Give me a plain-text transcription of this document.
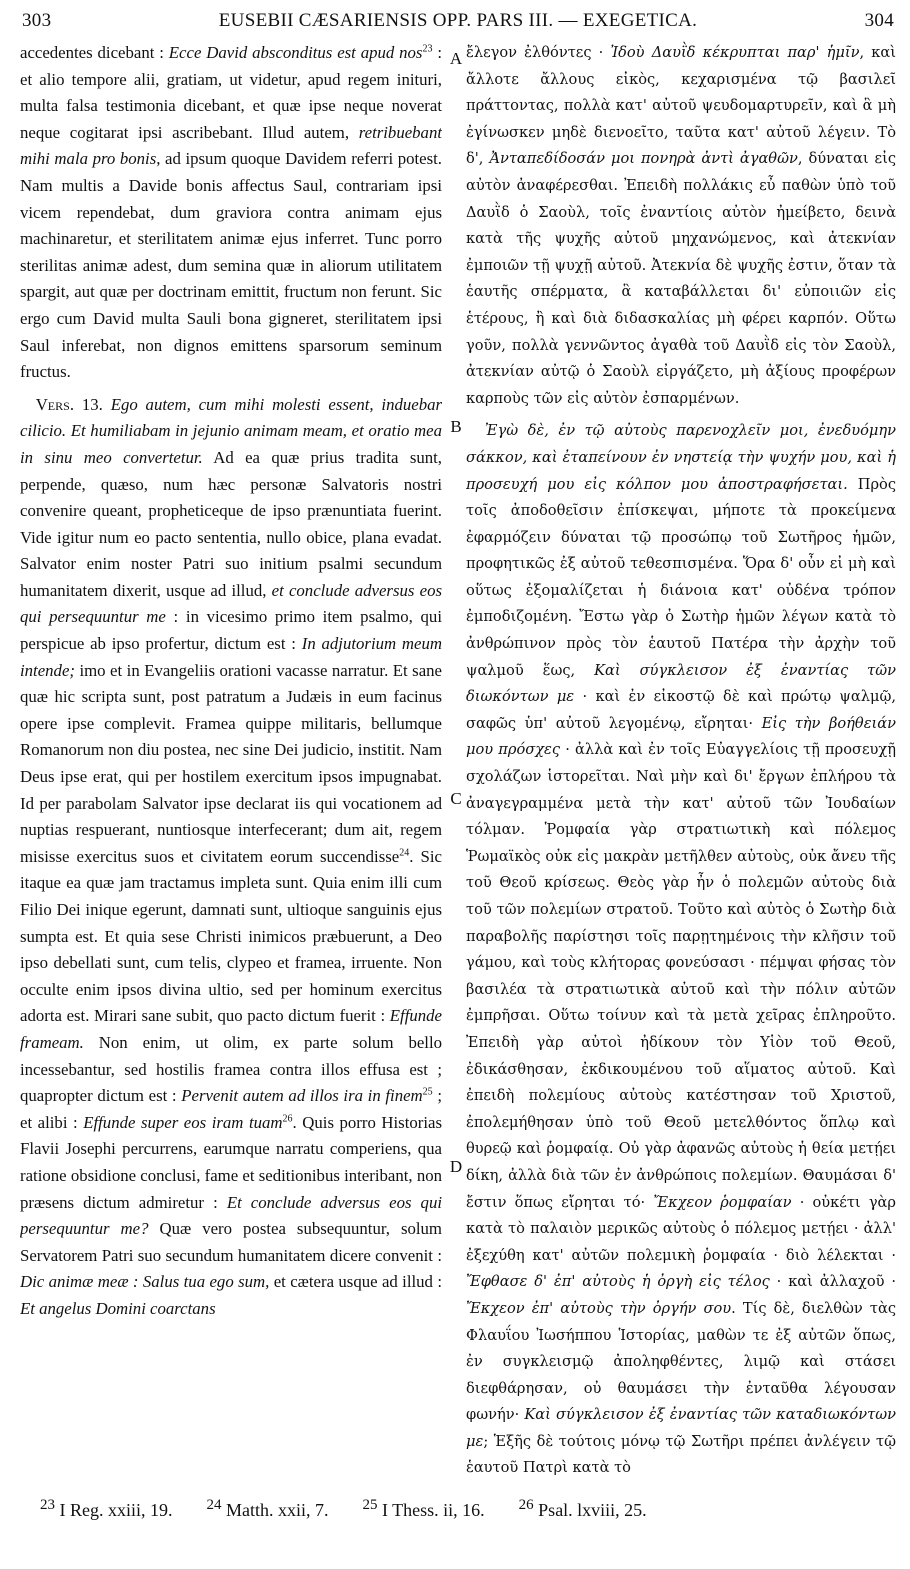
303	EUSEBII CÆSARIENSIS OPP. PARS III. — EXEGETICA.	304

accedentes dicebant : Ecce David absconditus est apud nos$^{23}$ : et alio tempore alii, gratiam, ut videtur, apud regem inituri, multa falsa testimonia dicebant, et quæ ipse neque noverat neque cogitarat ipsi ascribebant. Illud autem, retribuebant mihi mala pro bonis, ad ipsum quoque Davidem referri potest. Nam multis a Davide bonis affectus Saul, contrariam ipsi vicem rependebat, dum graviora contra animam ejus machinaretur, et sterilitatem animæ ejus inferret. Tunc porro sterilitas animæ adest, dum semina quæ in aliorum utilitatem spargit, aut quæ per doctrinam emittit, fructum non ferunt. Sic ergo cum David multa Sauli bona gigneret, sterilitatem ipsi Saul inferebat, non dignos emittens sparsorum seminum fructus.

Vers. 13. Ego autem, cum mihi molesti essent, induebar cilicio. Et humiliabam in jejunio animam meam, et oratio mea in sinu meo convertetur. Ad ea quæ prius tradita sunt, perpende, quæso, num hæc personæ Salvatoris nostri convenire queant, propheticeque de ipso prænuntiata fuerint. Vide igitur num eo pacto sententia, nullo obice, plana evadat. Salvator enim noster Patri suo initium psalmi secundum humanitatem dixerit, usque ad illud, et conclude adversus eos qui persequuntur me : in vicesimo primo item psalmo, qui perspicue ab ipso profertur, dictum est : In adjutorium meum intende; imo et in Evangeliis orationi vacasse narratur. Et sane quæ hic scripta sunt, post patratum a Judæis in eum facinus opere ipse complevit. Framea quippe militaris, bellumque Romanorum non diu postea, nec sine Dei judicio, institit. Nam Deus ipse erat, qui per hostilem exercitum ipsos impugnabat. Id per parabolam Salvator ipse declarat iis qui vocationem ad nuptias respuerant, nuntiosque interfecerant; dum ait, regem misisse exercitus suos et civitatem eorum succendisse$^{24}$. Sic itaque ea quæ jam tractamus impleta sunt. Quia enim illi cum Filio Dei inique egerunt, damnati sunt, ultioque sanguinis ejus sumpta est. Et quia sese Christi inimicos præbuerunt, a Deo ipso debellati sunt, cum telis, clypeo et framea, irruente. Non occulte enim ipsos divina ultio, sed per hominum exercitus adorta est. Mirari sane subit, quo pacto dictum fuerit : Effunde frameam. Non enim, ut olim, ex parte solum bello incessebantur, sed hostilis framea contra illos effusa est ; quapropter dictum est : Pervenit autem ad illos ira in finem$^{25}$ ; et alibi : Effunde super eos iram tuam$^{26}$. Quis porro Historias Flavii Josephi percurrens, earumque narratu comperiens, qua ratione obsidione conclusi, fame et seditionibus interibant, non præsens dictum admiretur : Et conclude adversus eos qui persequuntur me? Quæ vero postea subsequuntur, solum Servatorem Patri suo secundum humanitatem dicere convenit : Dic animæ meæ : Salus tua ego sum, et cætera usque ad illud : Et angelus Domini coarctans

A
B
C
D

ἔλεγον ἐλθόντες · Ἰδοὺ Δαυῒδ κέκρυπται παρ' ἡμῖν, καὶ ἄλλοτε ἄλλους εἰκὸς, κεχαρισμένα τῷ βασιλεῖ πράττοντας, πολλὰ κατ' αὐτοῦ ψευδομαρτυρεῖν, καὶ ἃ μὴ ἐγίνωσκεν μηδὲ διενοεῖτο, ταῦτα κατ' αὐτοῦ λέγειν. Τὸ δ', Ἀνταπεδίδοσάν μοι πονηρὰ ἀντὶ ἀγαθῶν, δύναται εἰς αὐτὸν ἀναφέρεσθαι. Ἐπειδὴ πολλάκις εὖ παθὼν ὑπὸ τοῦ Δαυῒδ ὁ Σαοὺλ, τοῖς ἐναντίοις αὐτὸν ἠμείβετο, δεινὰ κατὰ τῆς ψυχῆς αὐτοῦ μηχανώμενος, καὶ ἀτεκνίαν ἐμποιῶν τῇ ψυχῇ αὐτοῦ. Ἀτεκνία δὲ ψυχῆς ἐστιν, ὅταν τὰ ἑαυτῆς σπέρματα, ἃ καταβάλλεται δι' εὐποιιῶν εἰς ἑτέρους, ἢ καὶ διὰ διδασκαλίας μὴ φέρει καρπόν. Οὕτω γοῦν, πολλὰ γεννῶντος ἀγαθὰ τοῦ Δαυῒδ εἰς τὸν Σαοὺλ, ἀτεκνίαν αὐτῷ ὁ Σαοὺλ εἰργάζετο, μὴ ἀξίους προφέρων καρποὺς τῶν εἰς αὐτὸν ἐσπαρμένων.

Ἐγὼ δὲ, ἐν τῷ αὐτοὺς παρενοχλεῖν μοι, ἐνεδυόμην σάκκον, καὶ ἐταπείνουν ἐν νηστείᾳ τὴν ψυχήν μου, καὶ ἡ προσευχή μου εἰς κόλπον μου ἀποστραφήσεται. Πρὸς τοῖς ἀποδοθεῖσιν ἐπίσκεψαι, μήποτε τὰ προκείμενα ἐφαρμόζειν δύναται τῷ προσώπῳ τοῦ Σωτῆρος ἡμῶν, προφητικῶς ἐξ αὐτοῦ τεθεσπισμένα. Ὅρα δ' οὖν εἰ μὴ καὶ οὕτως ἐξομαλίζεται ἡ διάνοια κατ' οὐδένα τρόπον ἐμποδιζομένη. Ἔστω γὰρ ὁ Σωτὴρ ἡμῶν λέγων κατὰ τὸ ἀνθρώπινον πρὸς τὸν ἑαυτοῦ Πατέρα τὴν ἀρχὴν τοῦ ψαλμοῦ ἕως, Καὶ σύγκλεισον ἐξ ἐναντίας τῶν διωκόντων με · καὶ ἐν εἰκοστῷ δὲ καὶ πρώτῳ ψαλμῷ, σαφῶς ὑπ' αὐτοῦ λεγομένῳ, εἴρηται· Εἰς τὴν βοήθειάν μου πρόσχες · ἀλλὰ καὶ ἐν τοῖς Εὐαγγελίοις τῇ προσευχῇ σχολάζων ἱστορεῖται. Ναὶ μὴν καὶ δι' ἔργων ἐπλήρου τὰ ἀναγεγραμμένα μετὰ τὴν κατ' αὐτοῦ τῶν Ἰουδαίων τόλμαν. Ῥομφαία γὰρ στρατιωτικὴ καὶ πόλεμος Ῥωμαϊκὸς οὐκ εἰς μακρὰν μετῆλθεν αὐτοὺς, οὐκ ἄνευ τῆς τοῦ Θεοῦ κρίσεως. Θεὸς γὰρ ἦν ὁ πολεμῶν αὐτοὺς διὰ τοῦ τῶν πολεμίων στρατοῦ. Τοῦτο καὶ αὐτὸς ὁ Σωτὴρ διὰ παραβολῆς παρίστησι τοῖς παρῃτημένοις τὴν κλῆσιν τοῦ γάμου, καὶ τοὺς κλήτορας φονεύσασι · πέμψαι φήσας τὸν βασιλέα τὰ στρατιωτικὰ αὐτοῦ καὶ τὴν πόλιν αὐτῶν ἐμπρῆσαι. Οὕτω τοίνυν καὶ τὰ μετὰ χεῖρας ἐπληροῦτο. Ἐπειδὴ γὰρ αὐτοὶ ἠδίκουν τὸν Υἱὸν τοῦ Θεοῦ, ἐδικάσθησαν, ἐκδικουμένου τοῦ αἵματος αὐτοῦ. Καὶ ἐπειδὴ πολεμίους αὐτοὺς κατέστησαν τοῦ Χριστοῦ, ἐπολεμήθησαν ὑπὸ τοῦ Θεοῦ μετελθόντος ὅπλῳ καὶ θυρεῷ καὶ ῥομφαίᾳ. Οὐ γὰρ ἀφανῶς αὐτοὺς ἡ θεία μετῄει δίκη, ἀλλὰ διὰ τῶν ἐν ἀνθρώποις πολεμίων. Θαυμάσαι δ' ἔστιν ὅπως εἴρηται τό· Ἔκχεον ῥομφαίαν · οὐκέτι γὰρ κατὰ τὸ παλαιὸν μερικῶς αὐτοὺς ὁ πόλεμος μετῄει · ἀλλ' ἐξεχύθη κατ' αὐτῶν πολεμικὴ ῥομφαία · διὸ λέλεκται · Ἔφθασε δ' ἐπ' αὐτοὺς ἡ ὀργὴ εἰς τέλος · καὶ ἀλλαχοῦ · Ἔκχεον ἐπ' αὐτοὺς τὴν ὀργήν σου. Τίς δὲ, διελθὼν τὰς Φλαυΐου Ἰωσήππου Ἱστορίας, μαθὼν τε ἐξ αὐτῶν ὅπως, ἐν συγκλεισμῷ ἀποληφθέντες, λιμῷ καὶ στάσει διεφθάρησαν, οὐ θαυμάσει τὴν ἐνταῦθα λέγουσαν φωνήν· Καὶ σύγκλεισον ἐξ ἐναντίας τῶν καταδιωκόντων με; Ἑξῆς δὲ τούτοις μόνῳ τῷ Σωτῆρι πρέπει ἀνλέγειν τῷ ἑαυτοῦ Πατρὶ κατὰ τὸ

$^{23}$ I Reg. xxiii, 19. $^{24}$ Matth. xxii, 7. $^{25}$ I Thess. ii, 16. $^{26}$ Psal. lxviii, 25.
